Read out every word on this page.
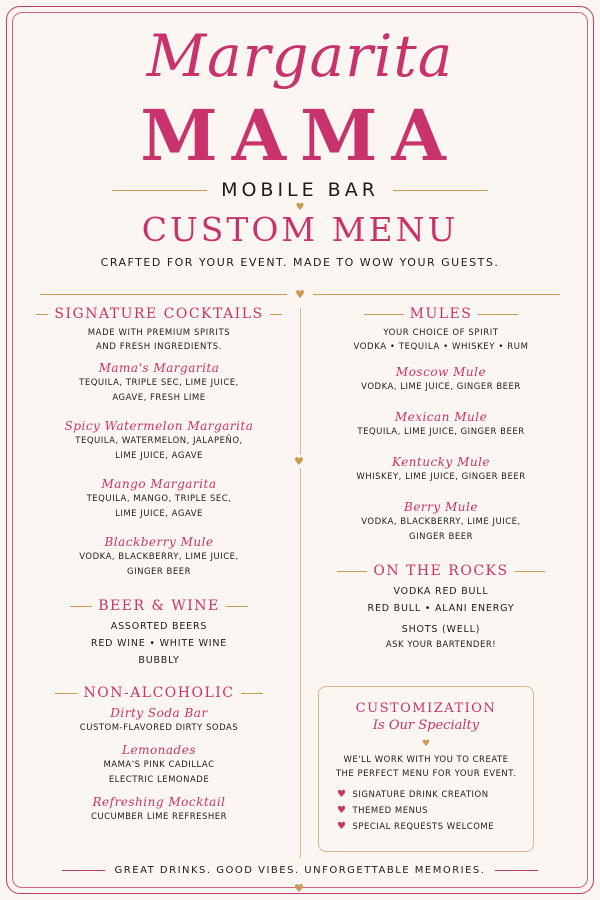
Margarita
MAMA
MOBILE BAR
♥
CUSTOM MENU
CRAFTED FOR YOUR EVENT. MADE TO WOW YOUR GUESTS.
♥
♥
SIGNATURE COCKTAILS
MADE WITH PREMIUM SPIRITS
AND FRESH INGREDIENTS.
Mama's Margarita
TEQUILA, TRIPLE SEC, LIME JUICE,
AGAVE, FRESH LIME
Spicy Watermelon Margarita
TEQUILA, WATERMELON, JALAPEÑO,
LIME JUICE, AGAVE
Mango Margarita
TEQUILA, MANGO, TRIPLE SEC,
LIME JUICE, AGAVE
Blackberry Mule
VODKA, BLACKBERRY, LIME JUICE,
GINGER BEER
BEER & WINE
ASSORTED BEERS
RED WINE • WHITE WINE
BUBBLY
NON-ALCOHOLIC
Dirty Soda Bar
CUSTOM-FLAVORED DIRTY SODAS
Lemonades
MAMA'S PINK CADILLAC
ELECTRIC LEMONADE
Refreshing Mocktail
CUCUMBER LIME REFRESHER
MULES
YOUR CHOICE OF SPIRIT
VODKA • TEQUILA • WHISKEY • RUM
Moscow Mule
VODKA, LIME JUICE, GINGER BEER
Mexican Mule
TEQUILA, LIME JUICE, GINGER BEER
Kentucky Mule
WHISKEY, LIME JUICE, GINGER BEER
Berry Mule
VODKA, BLACKBERRY, LIME JUICE,
GINGER BEER
ON THE ROCKS
VODKA RED BULL
RED BULL • ALANI ENERGY
SHOTS (WELL)
ASK YOUR BARTENDER!
CUSTOMIZATION
Is Our Specialty
♥
WE'LL WORK WITH YOU TO CREATE
THE PERFECT MENU FOR YOUR EVENT.
♥ SIGNATURE DRINK CREATION
♥ THEMED MENUS
♥ SPECIAL REQUESTS WELCOME
GREAT DRINKS. GOOD VIBES. UNFORGETTABLE MEMORIES.
♥
